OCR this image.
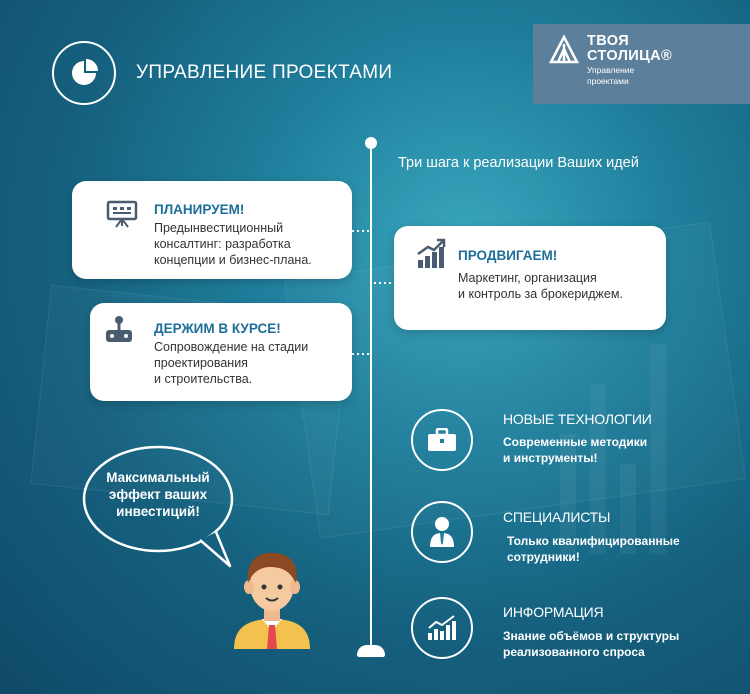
УПРАВЛЕНИЕ ПРОЕКТАМИ
ТВОЯ
СТОЛИЦА®
Управление
проектами
Три шага к реализации Ваших идей
ПЛАНИРУЕМ!
Предынвестиционный
консалтинг: разработка
концепции и бизнес-плана.	ПРОДВИГАЕМ!
Маркетинг, организация
и контроль за брокериджем.
ДЕРЖИМ В КУРСЕ!
Сопровождение на стадии
проектирования
и строительства.
НОВЫЕ ТЕХНОЛОГИИ
Современные методики
и инструменты!
СПЕЦИАЛИСТЫ
Только квалифицированные
сотрудники!
ИНФОРМАЦИЯ
Знание объёмов и структуры
реализованного спроса
Максимальный
эффект ваших
инвестиций!
